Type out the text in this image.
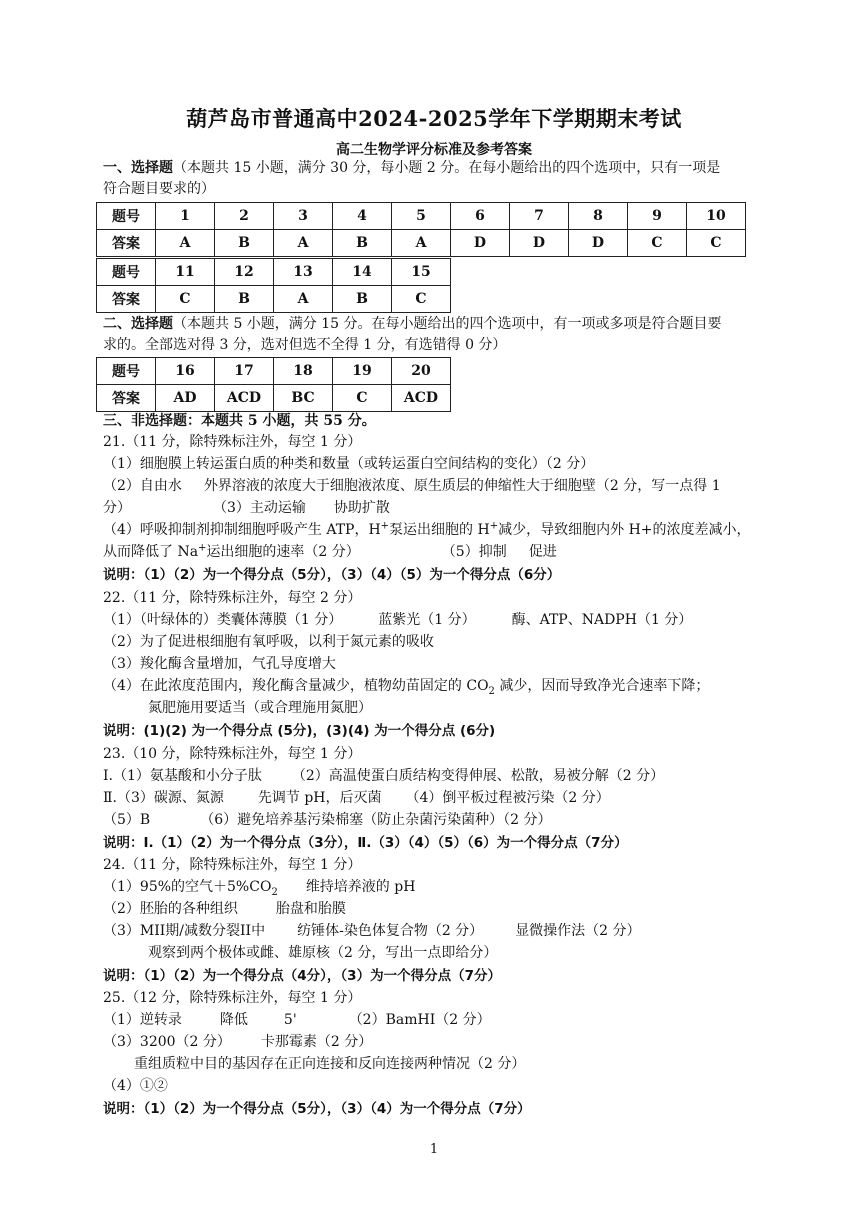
葫芦岛市普通高中2024-2025学年下学期期末考试
高二生物学评分标准及参考答案
一、选择题（本题共 15 小题，满分 30 分，每小题 2 分。在每小题给出的四个选项中，只有一项是
符合题目要求的）
题号	1	2	3	4	5	6	7	8	9	10
答案	A	B	A	B	A	D	D	D	C	C
题号	11	12	13	14	15
答案	C	B	A	B	C
二、选择题（本题共 5 小题，满分 15 分。在每小题给出的四个选项中，有一项或多项是符合题目要
求的。全部选对得 3 分，选对但选不全得 1 分，有选错得 0 分）
题号	16	17	18	19	20
答案	AD	ACD	BC	C	ACD
三、非选择题：本题共 5 小题，共 55 分。
21.（11 分，除特殊标注外，每空 1 分）
（1）细胞膜上转运蛋白质的种类和数量（或转运蛋白空间结构的变化）（2 分）
（2）自由水 外界溶液的浓度大于细胞液浓度、原生质层的伸缩性大于细胞壁（2 分，写一点得 1
分）	（3）主动运输 协助扩散
（4）呼吸抑制剂抑制细胞呼吸产生 ATP，H+泵运出细胞的 H+减少，导致细胞内外 H+的浓度差减小，
从而降低了 Na+运出细胞的速率（2 分）	（5）抑制 促进
说明：（1）（2）为一个得分点（5分），（3）（4）（5）为一个得分点（6分）
22.（11 分，除特殊标注外，每空 2 分）
（1）（叶绿体的）类囊体薄膜（1 分）	蓝紫光（1 分）	酶、ATP、NADPH（1 分）
（2）为了促进根细胞有氧呼吸，以利于氮元素的吸收
（3）羧化酶含量增加，气孔导度增大
（4）在此浓度范围内，羧化酶含量减少，植物幼苗固定的 $CO_2$ 减少，因而导致净光合速率下降；
氮肥施用要适当（或合理施用氮肥）
说明：(1)(2) 为一个得分点 (5分)，(3)(4) 为一个得分点 (6分)
23.（10 分，除特殊标注外，每空 1 分）
Ⅰ.（1）氨基酸和小分子肽 （2）高温使蛋白质结构变得伸展、松散，易被分解（2 分）
Ⅱ.（3）碳源、氮源 先调节 pH，后灭菌 （4）倒平板过程被污染（2 分）
（5）B	（6）避免培养基污染棉塞（防止杂菌污染菌种）（2 分）
说明：Ⅰ.（1）（2）为一个得分点（3分），Ⅱ.（3）（4）（5）（6）为一个得分点（7分）
24.（11 分，除特殊标注外，每空 1 分）
（1）95%的空气$+5\%CO_2$ 维持培养液的 pH
（2）胚胎的各种组织	胎盘和胎膜
（3）MII期/减数分裂II中 纺锤体-染色体复合物（2 分） 显微操作法（2 分）
观察到两个极体或雌、雄原核（2 分，写出一点即给分）
说明：（1）（2）为一个得分点（4分），（3）为一个得分点（7分）
25.（12 分，除特殊标注外，每空 1 分）
（1）逆转录	降低	5'	（2）BamHI（2 分）
（3）3200（2 分） 卡那霉素（2 分）
重组质粒中目的基因存在正向连接和反向连接两种情况（2 分）
（4）①②
说明：（1）（2）为一个得分点（5分），（3）（4）为一个得分点（7分）
1
